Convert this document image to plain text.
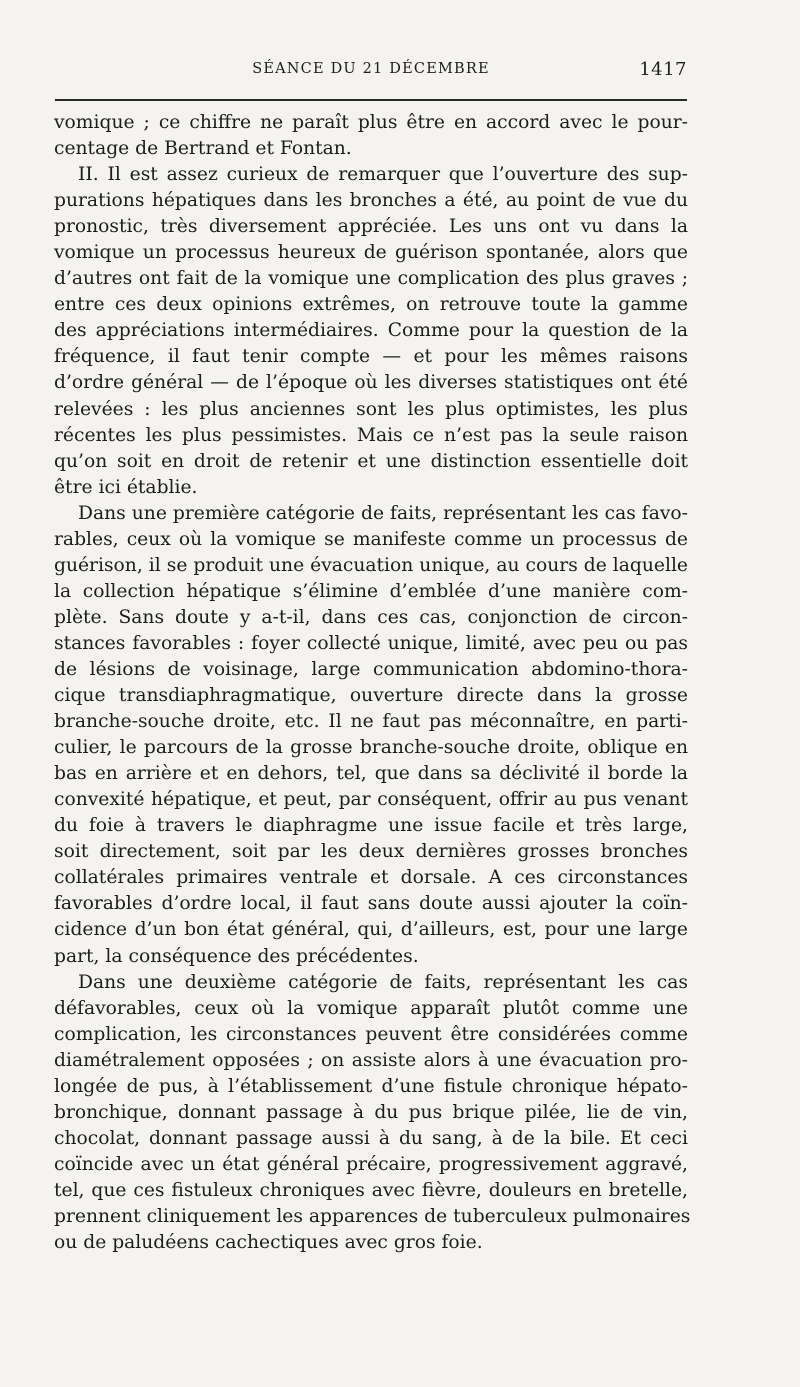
SÉANCE DU 21 DÉCEMBRE	1417
vomique ; ce chiffre ne paraît plus être en accord avec le pour-
centage de Bertrand et Fontan.
II. Il est assez curieux de remarquer que l’ouverture des sup-
purations hépatiques dans les bronches a été, au point de vue du
pronostic, très diversement appréciée. Les uns ont vu dans la
vomique un processus heureux de guérison spontanée, alors que
d’autres ont fait de la vomique une complication des plus graves ;
entre ces deux opinions extrêmes, on retrouve toute la gamme
des appréciations intermédiaires. Comme pour la question de la
fréquence, il faut tenir compte — et pour les mêmes raisons
d’ordre général — de l’époque où les diverses statistiques ont été
relevées : les plus anciennes sont les plus optimistes, les plus
récentes les plus pessimistes. Mais ce n’est pas la seule raison
qu’on soit en droit de retenir et une distinction essentielle doit
être ici établie.
Dans une première catégorie de faits, représentant les cas favo-
rables, ceux où la vomique se manifeste comme un processus de
guérison, il se produit une évacuation unique, au cours de laquelle
la collection hépatique s’élimine d’emblée d’une manière com-
plète. Sans doute y a-t-il, dans ces cas, conjonction de circon-
stances favorables : foyer collecté unique, limité, avec peu ou pas
de lésions de voisinage, large communication abdomino-thora-
cique transdiaphragmatique, ouverture directe dans la grosse
branche-souche droite, etc. Il ne faut pas méconnaître, en parti-
culier, le parcours de la grosse branche-souche droite, oblique en
bas en arrière et en dehors, tel, que dans sa déclivité il borde la
convexité hépatique, et peut, par conséquent, offrir au pus venant
du foie à travers le diaphragme une issue facile et très large,
soit directement, soit par les deux dernières grosses bronches
collatérales primaires ventrale et dorsale. A ces circonstances
favorables d’ordre local, il faut sans doute aussi ajouter la coïn-
cidence d’un bon état général, qui, d’ailleurs, est, pour une large
part, la conséquence des précédentes.
Dans une deuxième catégorie de faits, représentant les cas
défavorables, ceux où la vomique apparaît plutôt comme une
complication, les circonstances peuvent être considérées comme
diamétralement opposées ; on assiste alors à une évacuation pro-
longée de pus, à l’établissement d’une fistule chronique hépato-
bronchique, donnant passage à du pus brique pilée, lie de vin,
chocolat, donnant passage aussi à du sang, à de la bile. Et ceci
coïncide avec un état général précaire, progressivement aggravé,
tel, que ces fistuleux chroniques avec fièvre, douleurs en bretelle,
prennent cliniquement les apparences de tuberculeux pulmonaires
ou de paludéens cachectiques avec gros foie.
